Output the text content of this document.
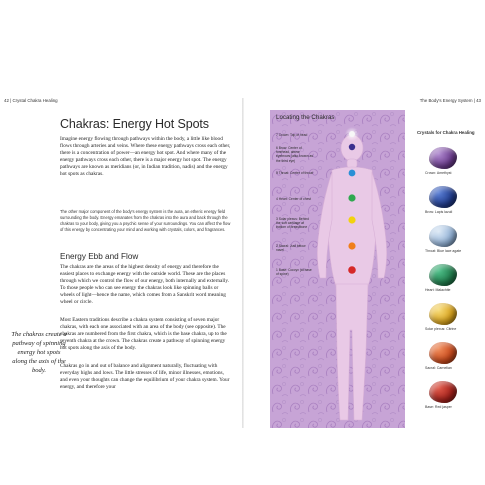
42 | Crystal Chakra Healing
Chakras: Energy Hot Spots
Imagine energy flowing through pathways within the body, a little like blood flows through arteries and veins. Where these energy pathways cross each other, there is a concentration of power—an energy hot spot. And where many of the energy pathways cross each other, there is a major energy hot spot. The energy pathways are known as meridians (or, in Indian tradition, nadis) and the energy hot spots as chakras.
The other major component of the body's energy system is the aura, an etheric energy field surrounding the body. Energy emanates from the chakras into the aura and back through the chakras to your body, giving you a psychic sense of your surroundings. You can affect the flow of this energy by concentrating your mind and working with crystals, colors, and fragrances.
Energy Ebb and Flow
The chakras are the areas of the highest density of energy and therefore the easiest places to exchange energy with the outside world. These are the places through which we control the flow of our energy, both internally and externally. To those people who can see energy the chakras look like spinning balls or wheels of light—hence the name, which comes from a Sanskrit word meaning wheel or circle.
Most Eastern traditions describe a chakra system consisting of seven major chakras, with each one associated with an area of the body (see opposite). The chakras are numbered from the first chakra, which is the base chakra, up to the seventh chakra at the crown. The chakras create a pathway of spinning energy hot spots along the axis of the body.
Chakras go in and out of balance and alignment naturally, fluctuating with everyday highs and lows. The little stresses of life, minor illnesses, emotions, and even your thoughts can change the equilibrium of your chakra system. Your energy, and therefore your
The chakras create a pathway of spinning energy hot spots along the axis of the body.
The Body's Energy System | 43
Locating the Chakras
7 Crown: Top of head
6 Brow: Center of forehead, above eyebrows (also known as the third eye)
5 Throat: Center of throat
4 Heart: Center of chest
3 Solar plexus: Behind the soft cartilage at bottom of breastbone
2 Sacral: Just below navel
1 Base: Coccyx (at base of spine)
Crystals for Chakra Healing
Crown: Amethyst
Brow: Lapis lazuli
Throat: Blue lace agate
Heart: Malachite
Solar plexus: Citrine
Sacral: Carnelian
Base: Red jasper
